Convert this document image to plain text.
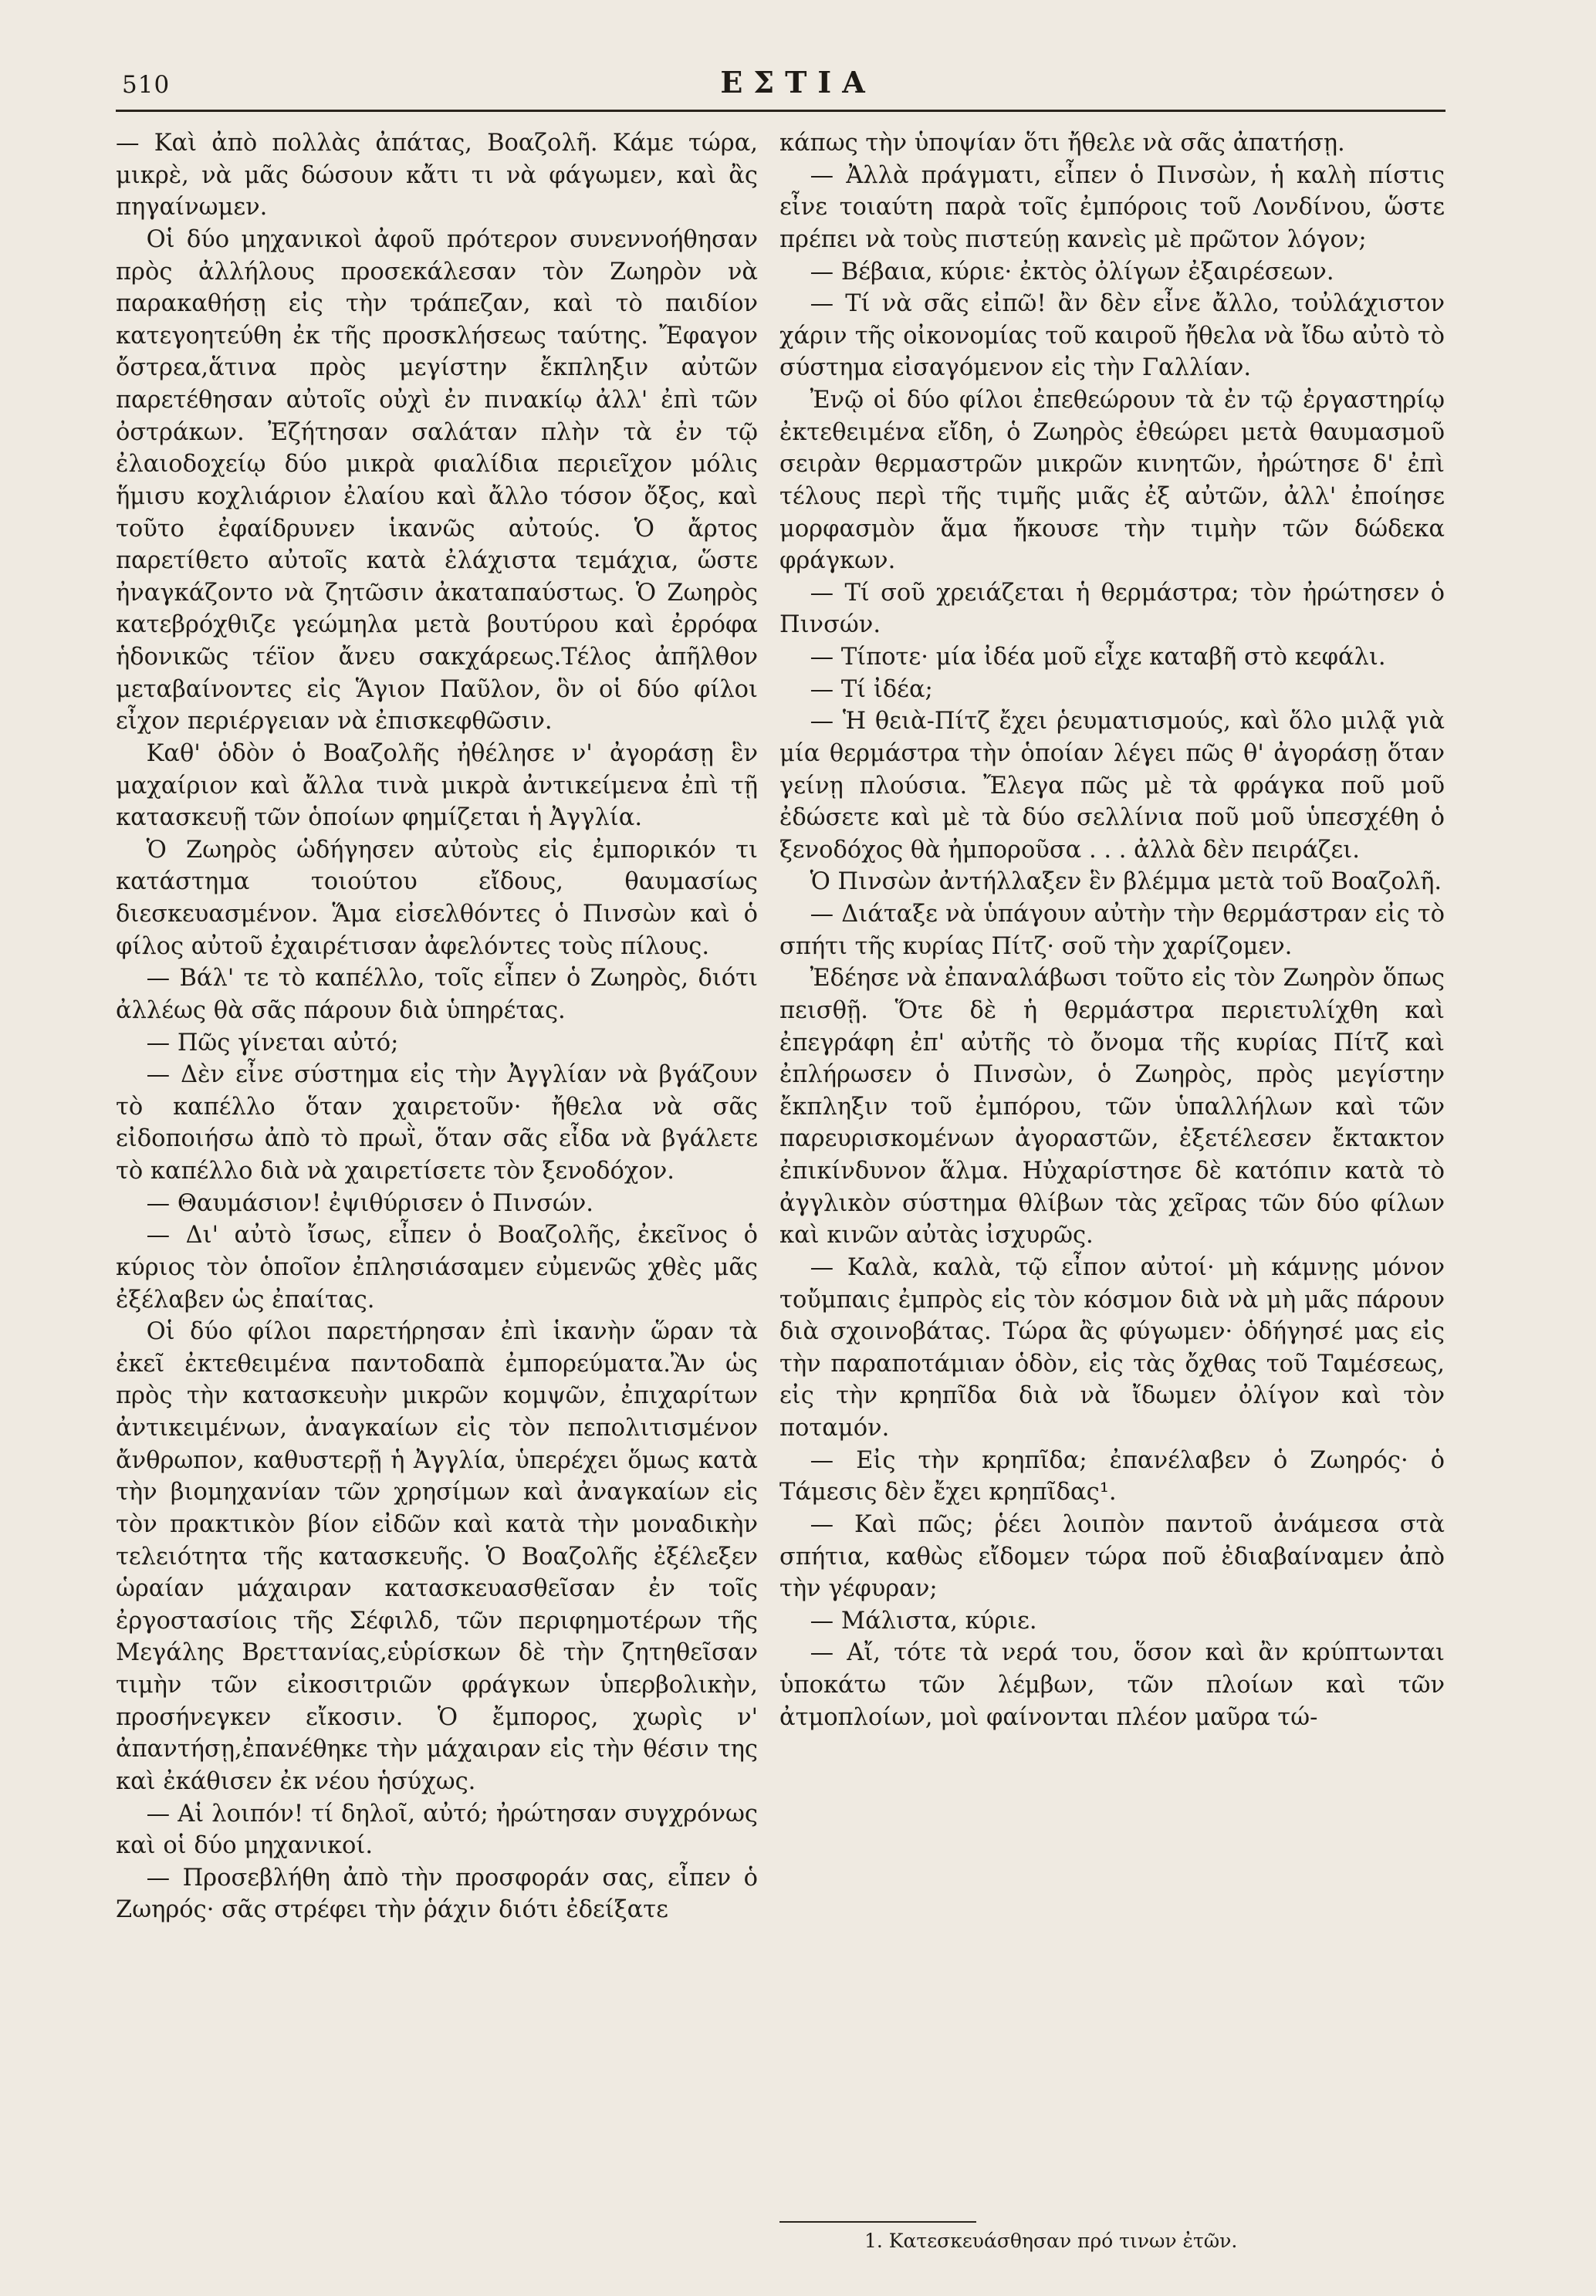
510	ΕΣΤΙΑ

— Καὶ ἀπὸ πολλὰς ἀπάτας, Βοαζολῆ. Κάμε τώρα, μικρὲ, νὰ μᾶς δώσουν κἄτι τι νὰ φάγωμεν, καὶ ἂς πηγαίνωμεν.

Οἱ δύο μηχανικοὶ ἀφοῦ πρότερον συνεννοήθησαν πρὸς ἀλλήλους προσεκάλεσαν τὸν Ζωηρὸν νὰ παρακαθήσῃ εἰς τὴν τράπεζαν, καὶ τὸ παιδίον κατεγοητεύθη ἐκ τῆς προσκλήσεως ταύτης. Ἔφαγον ὄστρεα,ἅτινα πρὸς μεγίστην ἔκπληξιν αὐτῶν παρετέθησαν αὐτοῖς οὐχὶ ἐν πινακίῳ ἀλλ' ἐπὶ τῶν ὀστράκων. Ἐζήτησαν σαλάταν πλὴν τὰ ἐν τῷ ἐλαιοδοχείῳ δύο μικρὰ φιαλίδια περιεῖχον μόλις ἥμισυ κοχλιάριον ἐλαίου καὶ ἄλλο τόσον ὄξος, καὶ τοῦτο ἐφαίδρυνεν ἱκανῶς αὐτούς. Ὁ ἄρτος παρετίθετο αὐτοῖς κατὰ ἐλάχιστα τεμάχια, ὥστε ἠναγκάζοντο νὰ ζητῶσιν ἀκαταπαύστως. Ὁ Ζωηρὸς κατεβρόχθιζε γεώμηλα μετὰ βουτύρου καὶ ἐρρόφα ἡδονικῶς τέϊον ἄνευ σακχάρεως.Τέλος ἀπῆλθον μεταβαίνοντες εἰς Ἅγιον Παῦλον, ὃν οἱ δύο φίλοι εἶχον περιέργειαν νὰ ἐπισκεφθῶσιν.

Καθ' ὁδὸν ὁ Βοαζολῆς ἠθέλησε ν' ἀγοράσῃ ἓν μαχαίριον καὶ ἄλλα τινὰ μικρὰ ἀντικείμενα ἐπὶ τῇ κατασκευῇ τῶν ὁποίων φημίζεται ἡ Ἀγγλία.

Ὁ Ζωηρὸς ὡδήγησεν αὐτοὺς εἰς ἐμπορικόν τι κατάστημα τοιούτου εἴδους, θαυμασίως διεσκευασμένον. Ἅμα εἰσελθόντες ὁ Πινσὼν καὶ ὁ φίλος αὐτοῦ ἐχαιρέτισαν ἀφελόντες τοὺς πίλους.

— Βάλ' τε τὸ καπέλλο, τοῖς εἶπεν ὁ Ζωηρὸς, διότι ἀλλέως θὰ σᾶς πάρουν διὰ ὑπηρέτας.

— Πῶς γίνεται αὐτό;

— Δὲν εἶνε σύστημα εἰς τὴν Ἀγγλίαν νὰ βγάζουν τὸ καπέλλο ὅταν χαιρετοῦν· ἤθελα νὰ σᾶς εἰδοποιήσω ἀπὸ τὸ πρωῒ, ὅταν σᾶς εἶδα νὰ βγάλετε τὸ καπέλλο διὰ νὰ χαιρετίσετε τὸν ξενοδόχον.

— Θαυμάσιον! ἐψιθύρισεν ὁ Πινσών.

— Δι' αὐτὸ ἴσως, εἶπεν ὁ Βοαζολῆς, ἐκεῖνος ὁ κύριος τὸν ὁποῖον ἐπλησιάσαμεν εὐμενῶς χθὲς μᾶς ἐξέλαβεν ὡς ἐπαίτας.

Οἱ δύο φίλοι παρετήρησαν ἐπὶ ἱκανὴν ὥραν τὰ ἐκεῖ ἐκτεθειμένα παντοδαπὰ ἐμπορεύματα.Ἂν ὡς πρὸς τὴν κατασκευὴν μικρῶν κομψῶν, ἐπιχαρίτων ἀντικειμένων, ἀναγκαίων εἰς τὸν πεπολιτισμένον ἄνθρωπον, καθυστερῇ ἡ Ἀγγλία, ὑπερέχει ὅμως κατὰ τὴν βιομηχανίαν τῶν χρησίμων καὶ ἀναγκαίων εἰς τὸν πρακτικὸν βίον εἰδῶν καὶ κατὰ τὴν μοναδικὴν τελειότητα τῆς κατασκευῆς. Ὁ Βοαζολῆς ἐξέλεξεν ὡραίαν μάχαιραν κατασκευασθεῖσαν ἐν τοῖς ἐργοστασίοις τῆς Σέφιλδ, τῶν περιφημοτέρων τῆς Μεγάλης Βρεττανίας,εὑρίσκων δὲ τὴν ζητηθεῖσαν τιμὴν τῶν εἰκοσιτριῶν φράγκων ὑπερβολικὴν, προσήνεγκεν εἴκοσιν. Ὁ ἔμπορος, χωρὶς ν' ἀπαντήσῃ,ἐπανέθηκε τὴν μάχαιραν εἰς τὴν θέσιν της καὶ ἐκάθισεν ἐκ νέου ἡσύχως.

— Αἱ λοιπόν! τί δηλοῖ, αὐτό; ἠρώτησαν συγχρόνως καὶ οἱ δύο μηχανικοί.

— Προσεβλήθη ἀπὸ τὴν προσφοράν σας, εἶπεν ὁ Ζωηρός· σᾶς στρέφει τὴν ῥάχιν διότι ἐδείξατε

κάπως τὴν ὑποψίαν ὅτι ἤθελε νὰ σᾶς ἀπατήσῃ.

— Ἀλλὰ πράγματι, εἶπεν ὁ Πινσὼν, ἡ καλὴ πίστις εἶνε τοιαύτη παρὰ τοῖς ἐμπόροις τοῦ Λονδίνου, ὥστε πρέπει νὰ τοὺς πιστεύῃ κανεὶς μὲ πρῶτον λόγον;

— Βέβαια, κύριε· ἐκτὸς ὀλίγων ἐξαιρέσεων.

— Τί νὰ σᾶς εἰπῶ! ἂν δὲν εἶνε ἄλλο, τοὐλάχιστον χάριν τῆς οἰκονομίας τοῦ καιροῦ ἤθελα νὰ ἴδω αὐτὸ τὸ σύστημα εἰσαγόμενον εἰς τὴν Γαλλίαν.

Ἐνῷ οἱ δύο φίλοι ἐπεθεώρουν τὰ ἐν τῷ ἐργαστηρίῳ ἐκτεθειμένα εἴδη, ὁ Ζωηρὸς ἐθεώρει μετὰ θαυμασμοῦ σειρὰν θερμαστρῶν μικρῶν κινητῶν, ἠρώτησε δ' ἐπὶ τέλους περὶ τῆς τιμῆς μιᾶς ἐξ αὐτῶν, ἀλλ' ἐποίησε μορφασμὸν ἅμα ἤκουσε τὴν τιμὴν τῶν δώδεκα φράγκων.

— Τί σοῦ χρειάζεται ἡ θερμάστρα; τὸν ἠρώτησεν ὁ Πινσών.

— Τίποτε· μία ἰδέα μοῦ εἶχε καταβῆ στὸ κεφάλι.

— Τί ἰδέα;

— Ἡ θειὰ-Πίτζ ἔχει ῥευματισμούς, καὶ ὅλο μιλᾷ γιὰ μία θερμάστρα τὴν ὁποίαν λέγει πῶς θ' ἀγοράσῃ ὅταν γείνῃ πλούσια. Ἔλεγα πῶς μὲ τὰ φράγκα ποῦ μοῦ ἐδώσετε καὶ μὲ τὰ δύο σελλίνια ποῦ μοῦ ὑπεσχέθη ὁ ξενοδόχος θὰ ἠμποροῦσα . . . ἀλλὰ δὲν πειράζει.

Ὁ Πινσὼν ἀντήλλαξεν ἓν βλέμμα μετὰ τοῦ Βοαζολῆ.

— Διάταξε νὰ ὑπάγουν αὐτὴν τὴν θερμάστραν εἰς τὸ σπήτι τῆς κυρίας Πίτζ· σοῦ τὴν χαρίζομεν.

Ἐδέησε νὰ ἐπαναλάβωσι τοῦτο εἰς τὸν Ζωηρὸν ὅπως πεισθῇ. Ὅτε δὲ ἡ θερμάστρα περιετυλίχθη καὶ ἐπεγράφη ἐπ' αὐτῆς τὸ ὄνομα τῆς κυρίας Πίτζ καὶ ἐπλήρωσεν ὁ Πινσὼν, ὁ Ζωηρὸς, πρὸς μεγίστην ἔκπληξιν τοῦ ἐμπόρου, τῶν ὑπαλλήλων καὶ τῶν παρευρισκομένων ἀγοραστῶν, ἐξετέλεσεν ἔκτακτον ἐπικίνδυνον ἅλμα. Ηὐχαρίστησε δὲ κατόπιν κατὰ τὸ ἀγγλικὸν σύστημα θλίβων τὰς χεῖρας τῶν δύο φίλων καὶ κινῶν αὐτὰς ἰσχυρῶς.

— Καλὰ, καλὰ, τῷ εἶπον αὐτοί· μὴ κάμνῃς μόνον τοὔμπαις ἐμπρὸς εἰς τὸν κόσμον διὰ νὰ μὴ μᾶς πάρουν διὰ σχοινοβάτας. Τώρα ἂς φύγωμεν· ὁδήγησέ μας εἰς τὴν παραποτάμιαν ὁδὸν, εἰς τὰς ὄχθας τοῦ Ταμέσεως, εἰς τὴν κρηπῖδα διὰ νὰ ἴδωμεν ὀλίγον καὶ τὸν ποταμόν.

— Εἰς τὴν κρηπῖδα; ἐπανέλαβεν ὁ Ζωηρός· ὁ Τάμεσις δὲν ἔχει κρηπῖδας¹.

— Καὶ πῶς; ῥέει λοιπὸν παντοῦ ἀνάμεσα στὰ σπήτια, καθὼς εἴδομεν τώρα ποῦ ἐδιαβαίναμεν ἀπὸ τὴν γέφυραν;

— Μάλιστα, κύριε.

— Αἴ, τότε τὰ νερά του, ὅσον καὶ ἂν κρύπτωνται ὑποκάτω τῶν λέμβων, τῶν πλοίων καὶ τῶν ἀτμοπλοίων, μοὶ φαίνονται πλέον μαῦρα τώ-

1. Κατεσκευάσθησαν πρό τινων ἐτῶν.
